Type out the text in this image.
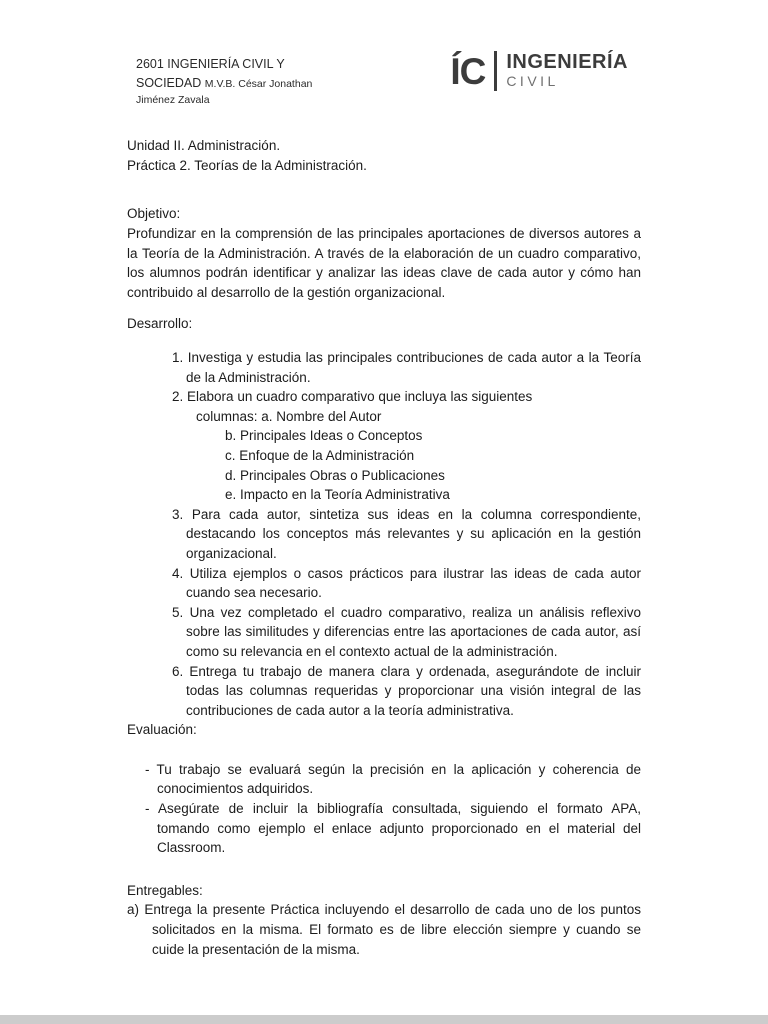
2601 INGENIERÍA CIVIL Y
SOCIEDAD M.V.B. César Jonathan
Jiménez Zavala
ÍC INGENIERÍA
CIVIL
Unidad II. Administración.
Práctica 2. Teorías de la Administración.
Objetivo:

Profundizar en la comprensión de las principales aportaciones de diversos autores a la Teoría de la Administración. A través de la elaboración de un cuadro comparativo, los alumnos podrán identificar y analizar las ideas clave de cada autor y cómo han contribuido al desarrollo de la gestión organizacional.

Desarrollo:
1. Investiga y estudia las principales contribuciones de cada autor a la Teoría de la Administración.
2. Elabora un cuadro comparativo que incluya las siguientes
columnas: a. Nombre del Autor
b. Principales Ideas o Conceptos
c. Enfoque de la Administración
d. Principales Obras o Publicaciones
e. Impacto en la Teoría Administrativa
3. Para cada autor, sintetiza sus ideas en la columna correspondiente, destacando los conceptos más relevantes y su aplicación en la gestión organizacional.
4. Utiliza ejemplos o casos prácticos para ilustrar las ideas de cada autor cuando sea necesario.
5. Una vez completado el cuadro comparativo, realiza un análisis reflexivo sobre las similitudes y diferencias entre las aportaciones de cada autor, así como su relevancia en el contexto actual de la administración.
6. Entrega tu trabajo de manera clara y ordenada, asegurándote de incluir todas las columnas requeridas y proporcionar una visión integral de las contribuciones de cada autor a la teoría administrativa.
Evaluación:
- Tu trabajo se evaluará según la precisión en la aplicación y coherencia de conocimientos adquiridos.
- Asegúrate de incluir la bibliografía consultada, siguiendo el formato APA, tomando como ejemplo el enlace adjunto proporcionado en el material del Classroom.
Entregables:
a) Entrega la presente Práctica incluyendo el desarrollo de cada uno de los puntos solicitados en la misma. El formato es de libre elección siempre y cuando se cuide la presentación de la misma.
